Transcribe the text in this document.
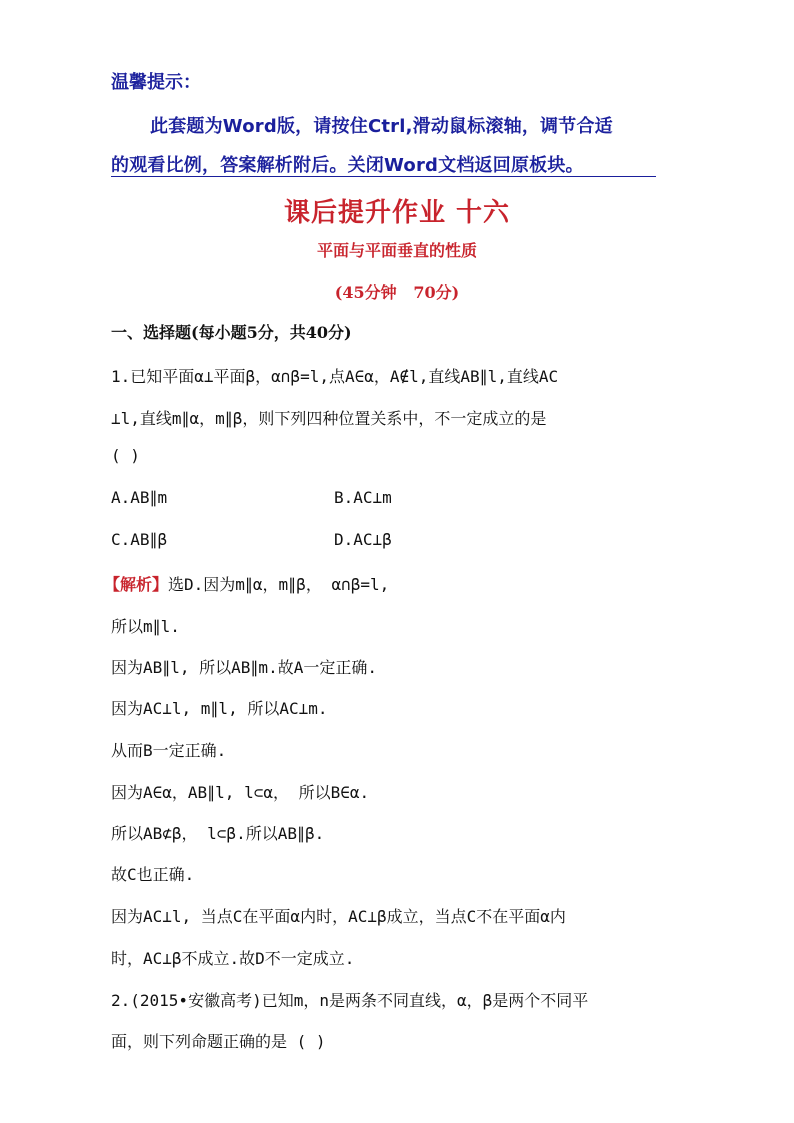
温馨提示：
此套题为Word版，请按住Ctrl,滑动鼠标滚轴，调节合适
的观看比例，答案解析附后。关闭Word文档返回原板块。
课后提升作业 十六
平面与平面垂直的性质
(45分钟   70分)
一、选择题(每小题5分，共40分)
1.已知平面α⊥平面β，α∩β=l,点A∈α，A∉l,直线AB∥l,直线AC
⊥l,直线m∥α，m∥β，则下列四种位置关系中，不一定成立的是
( )
A.AB∥m	B.AC⊥m
C.AB∥β	D.AC⊥β
【解析】选D.因为m∥α，m∥β， α∩β=l,
所以m∥l.
因为AB∥l, 所以AB∥m.故A一定正确.
因为AC⊥l, m∥l, 所以AC⊥m.
从而B一定正确.
因为A∈α，AB∥l, l⊂α， 所以B∈α.
所以AB⊄β， l⊂β.所以AB∥β.
故C也正确.
因为AC⊥l, 当点C在平面α内时，AC⊥β成立，当点C不在平面α内
时，AC⊥β不成立.故D不一定成立.
2.(2015•安徽高考)已知m，n是两条不同直线，α，β是两个不同平
面，则下列命题正确的是 ( )
